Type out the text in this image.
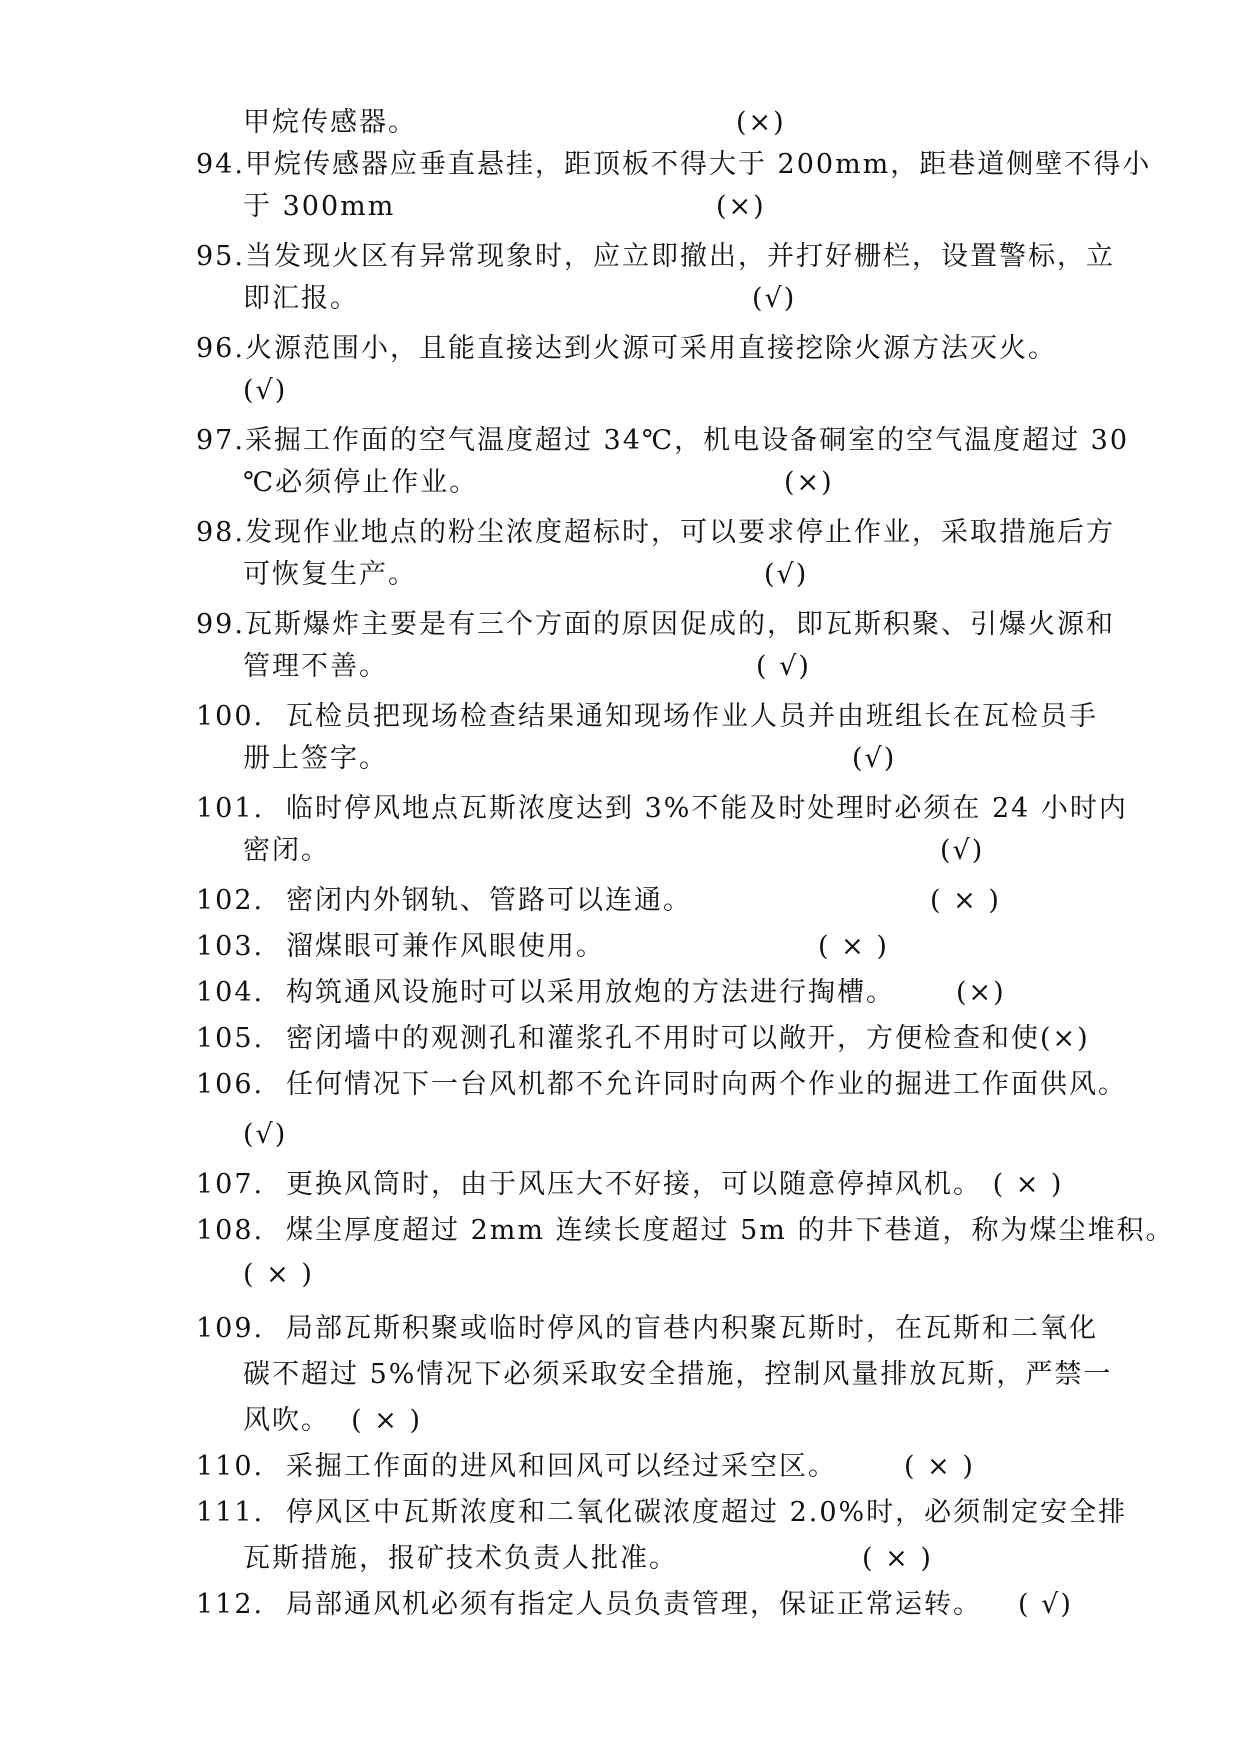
甲烷传感器。	(×)
94.甲烷传感器应垂直悬挂，距顶板不得大于 200mm，距巷道侧壁不得小
于 300mm	(×)
95.当发现火区有异常现象时，应立即撤出，并打好栅栏，设置警标，立
即汇报。	(√)
96.火源范围小，且能直接达到火源可采用直接挖除火源方法灭火。
(√)
97.采掘工作面的空气温度超过 34℃，机电设备硐室的空气温度超过 30
℃必须停止作业。	(×)
98.发现作业地点的粉尘浓度超标时，可以要求停止作业，采取措施后方
可恢复生产。	(√)
99.瓦斯爆炸主要是有三个方面的原因促成的，即瓦斯积聚、引爆火源和
管理不善。	( √)
100. 瓦检员把现场检查结果通知现场作业人员并由班组长在瓦检员手
册上签字。	(√)
101. 临时停风地点瓦斯浓度达到 3%不能及时处理时必须在 24 小时内
密闭。	(√)
102. 密闭内外钢轨、管路可以连通。	( × )
103. 溜煤眼可兼作风眼使用。	( × )
104. 构筑通风设施时可以采用放炮的方法进行掏槽。 (×)
105. 密闭墙中的观测孔和灌浆孔不用时可以敞开，方便检查和使(×)
106. 任何情况下一台风机都不允许同时向两个作业的掘进工作面供风。
(√)
107. 更换风筒时，由于风压大不好接，可以随意停掉风机。 ( × )
108. 煤尘厚度超过 2mm 连续长度超过 5m 的井下巷道，称为煤尘堆积。
( × )
109. 局部瓦斯积聚或临时停风的盲巷内积聚瓦斯时，在瓦斯和二氧化
碳不超过 5%情况下必须采取安全措施，控制风量排放瓦斯，严禁一
风吹。  ( × )
110. 采掘工作面的进风和回风可以经过采空区。 ( × )
111. 停风区中瓦斯浓度和二氧化碳浓度超过 2.0%时，必须制定安全排
瓦斯措施，报矿技术负责人批准。	( × )
112. 局部通风机必须有指定人员负责管理，保证正常运转。 ( √)
